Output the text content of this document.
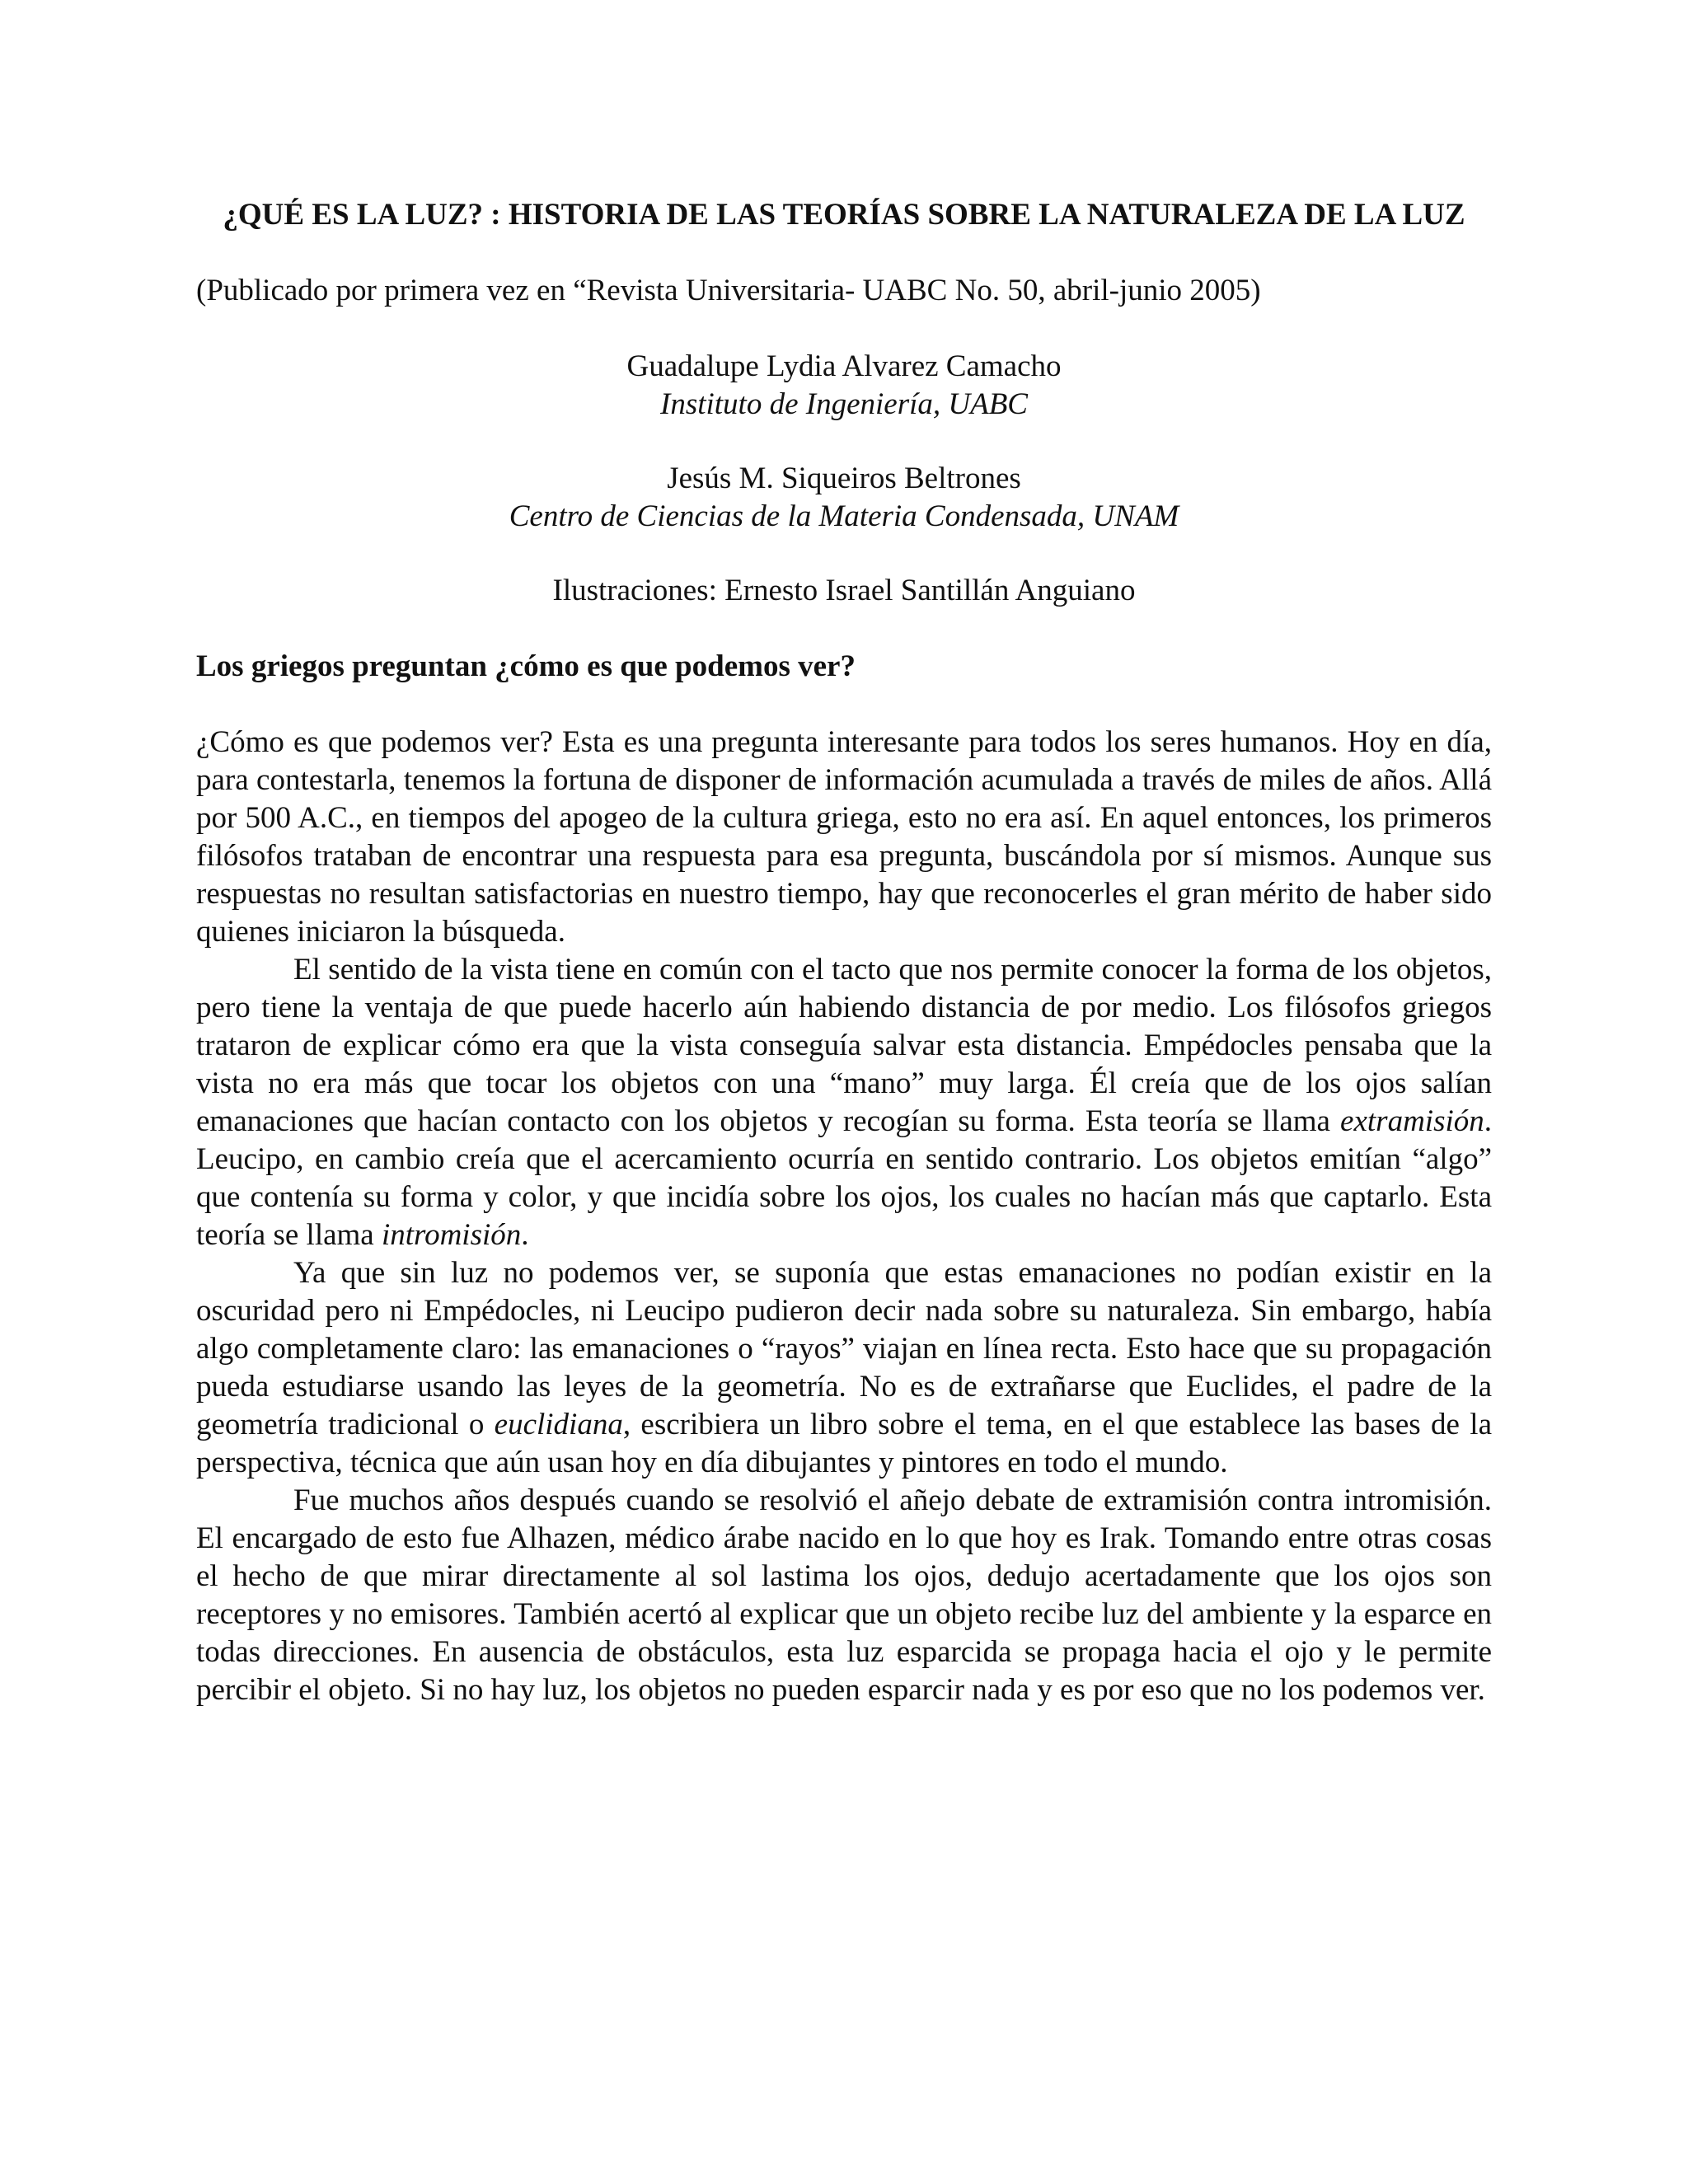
¿QUÉ ES LA LUZ? : HISTORIA DE LAS TEORÍAS SOBRE LA NATURALEZA DE LA LUZ

(Publicado por primera vez en “Revista Universitaria- UABC No. 50, abril-junio 2005)

Guadalupe Lydia Alvarez Camacho
Instituto de Ingeniería, UABC
Jesús M. Siqueiros Beltrones
Centro de Ciencias de la Materia Condensada, UNAM
Ilustraciones: Ernesto Israel Santillán Anguiano
Los griegos preguntan ¿cómo es que podemos ver?

¿Cómo es que podemos ver? Esta es una pregunta interesante para todos los seres humanos. Hoy en día, para contestarla, tenemos la fortuna de disponer de información acumulada a través de miles de años. Allá por 500 A.C., en tiempos del apogeo de la cultura griega, esto no era así. En aquel entonces, los primeros filósofos trataban de encontrar una respuesta para esa pregunta, buscándola por sí mismos. Aunque sus respuestas no resultan satisfactorias en nuestro tiempo, hay que reconocerles el gran mérito de haber sido quienes iniciaron la búsqueda.

El sentido de la vista tiene en común con el tacto que nos permite conocer la forma de los objetos, pero tiene la ventaja de que puede hacerlo aún habiendo distancia de por medio. Los filósofos griegos trataron de explicar cómo era que la vista conseguía salvar esta distancia. Empédocles pensaba que la vista no era más que tocar los objetos con una “mano” muy larga. Él creía que de los ojos salían emanaciones que hacían contacto con los objetos y recogían su forma. Esta teoría se llama extramisión. Leucipo, en cambio creía que el acercamiento ocurría en sentido contrario. Los objetos emitían “algo” que contenía su forma y color, y que incidía sobre los ojos, los cuales no hacían más que captarlo. Esta teoría se llama intromisión.

Ya que sin luz no podemos ver, se suponía que estas emanaciones no podían existir en la oscuridad pero ni Empédocles, ni Leucipo pudieron decir nada sobre su naturaleza. Sin embargo, había algo completamente claro: las emanaciones o “rayos” viajan en línea recta. Esto hace que su propagación pueda estudiarse usando las leyes de la geometría. No es de extrañarse que Euclides, el padre de la geometría tradicional o euclidiana, escribiera un libro sobre el tema, en el que establece las bases de la perspectiva, técnica que aún usan hoy en día dibujantes y pintores en todo el mundo.

Fue muchos años después cuando se resolvió el añejo debate de extramisión contra intromisión. El encargado de esto fue Alhazen, médico árabe nacido en lo que hoy es Irak. Tomando entre otras cosas el hecho de que mirar directamente al sol lastima los ojos, dedujo acertadamente que los ojos son receptores y no emisores. También acertó al explicar que un objeto recibe luz del ambiente y la esparce en todas direcciones. En ausencia de obstáculos, esta luz esparcida se propaga hacia el ojo y le permite percibir el objeto. Si no hay luz, los objetos no pueden esparcir nada y es por eso que no los podemos ver.
